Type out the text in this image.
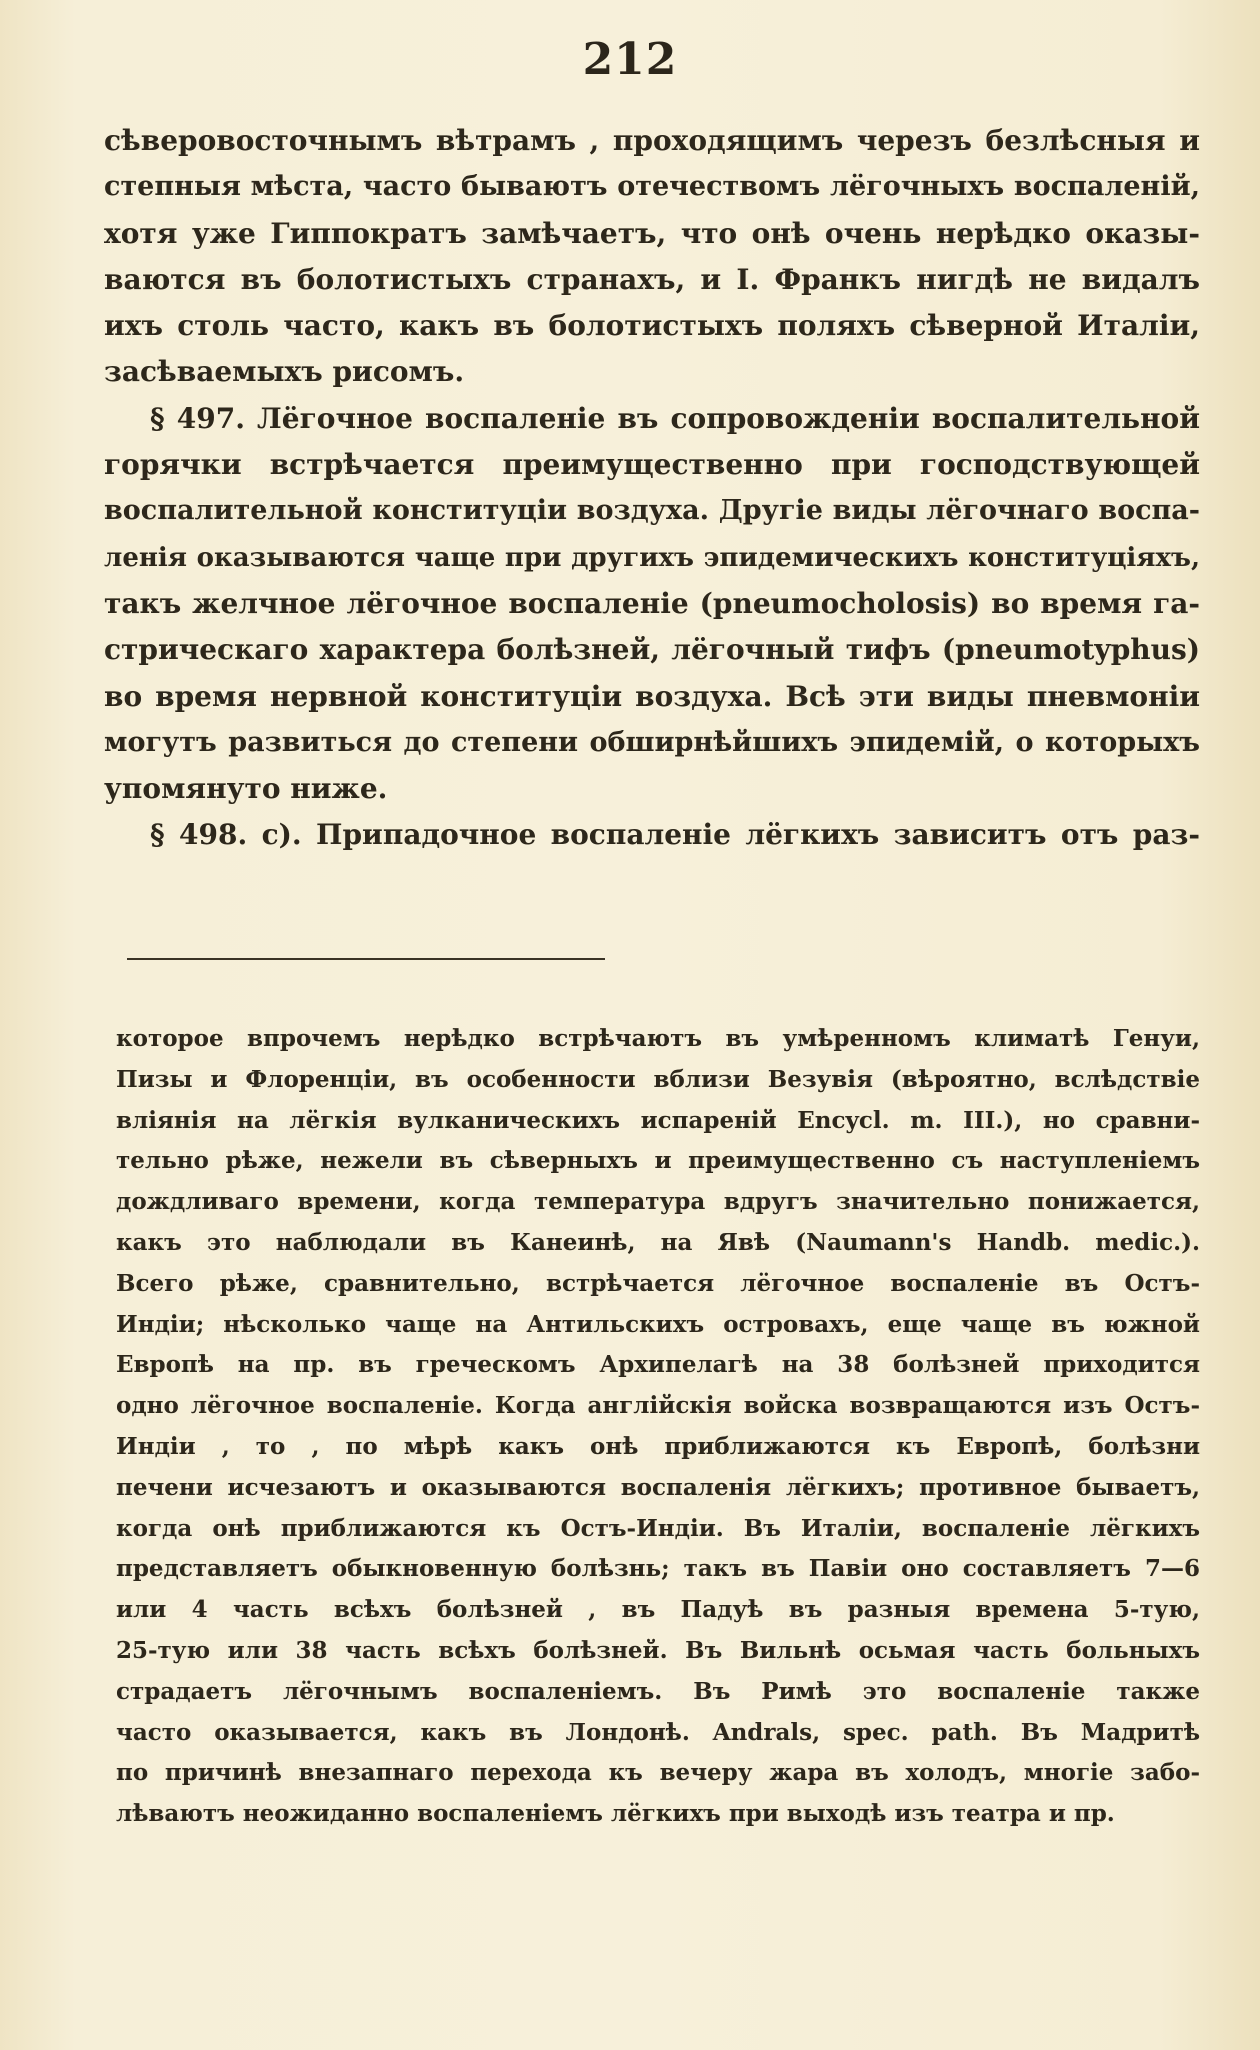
212
сѣверовосточнымъ вѣтрамъ , проходящимъ черезъ безлѣсныя и
степныя мѣста, часто бываютъ отечествомъ лёгочныхъ воспаленій,
хотя уже Гиппократъ замѣчаетъ, что онѣ очень нерѣдко оказы-
ваются въ болотистыхъ странахъ, и I. Франкъ нигдѣ не видалъ
ихъ столь часто, какъ въ болотистыхъ поляхъ сѣверной Италіи,
засѣваемыхъ рисомъ.
§ 497. Лёгочное воспаленіе въ сопровожденіи воспалительной
горячки встрѣчается преимущественно при господствующей
воспалительной конституціи воздуха. Другіе виды лёгочнаго воспа-
ленія оказываются чаще при другихъ эпидемическихъ конституціяхъ,
такъ желчное лёгочное воспаленіе (pneumocholosis) во время га-
стрическаго характера болѣзней, лёгочный тифъ (pneumotyphus)
во время нервной конституціи воздуха. Всѣ эти виды пневмоніи
могутъ развиться до степени обширнѣйшихъ эпидемій, о которыхъ
упомянуто ниже.
§ 498. c). Припадочное воспаленіе лёгкихъ зависитъ отъ раз-
которое впрочемъ нерѣдко встрѣчаютъ въ умѣренномъ климатѣ Генуи,
Пизы и Флоренціи, въ особенности вблизи Везувія (вѣроятно, вслѣдствіе
вліянія на лёгкія вулканическихъ испареній Encycl. m. III.), но сравни-
тельно рѣже, нежели въ сѣверныхъ и преимущественно съ наступленіемъ
дождливаго времени, когда температура вдругъ значительно понижается,
какъ это наблюдали въ Канеинѣ, на Явѣ (Naumann's Handb. medic.).
Всего рѣже, сравнительно, встрѣчается лёгочное воспаленіе въ Остъ-
Индіи; нѣсколько чаще на Антильскихъ островахъ, еще чаще въ южной
Европѣ на пр. въ греческомъ Архипелагѣ на 38 болѣзней приходится
одно лёгочное воспаленіе. Когда англійскія войска возвращаются изъ Остъ-
Индіи , то , по мѣрѣ какъ онѣ приближаются къ Европѣ, болѣзни
печени исчезаютъ и оказываются воспаленія лёгкихъ; противное бываетъ,
когда онѣ приближаются къ Остъ-Индіи. Въ Италіи, воспаленіе лёгкихъ
представляетъ обыкновенную болѣзнь; такъ въ Павіи оно составляетъ 7—6
или 4 часть всѣхъ болѣзней , въ Падуѣ въ разныя времена 5-тую,
25-тую или 38 часть всѣхъ болѣзней. Въ Вильнѣ осьмая часть больныхъ
страдаетъ лёгочнымъ воспаленіемъ. Въ Римѣ это воспаленіе также
часто оказывается, какъ въ Лондонѣ. Andrals, spec. path. Въ Мадритѣ
по причинѣ внезапнаго перехода къ вечеру жара въ холодъ, многіе забо-
лѣваютъ неожиданно воспаленіемъ лёгкихъ при выходѣ изъ театра и пр.
